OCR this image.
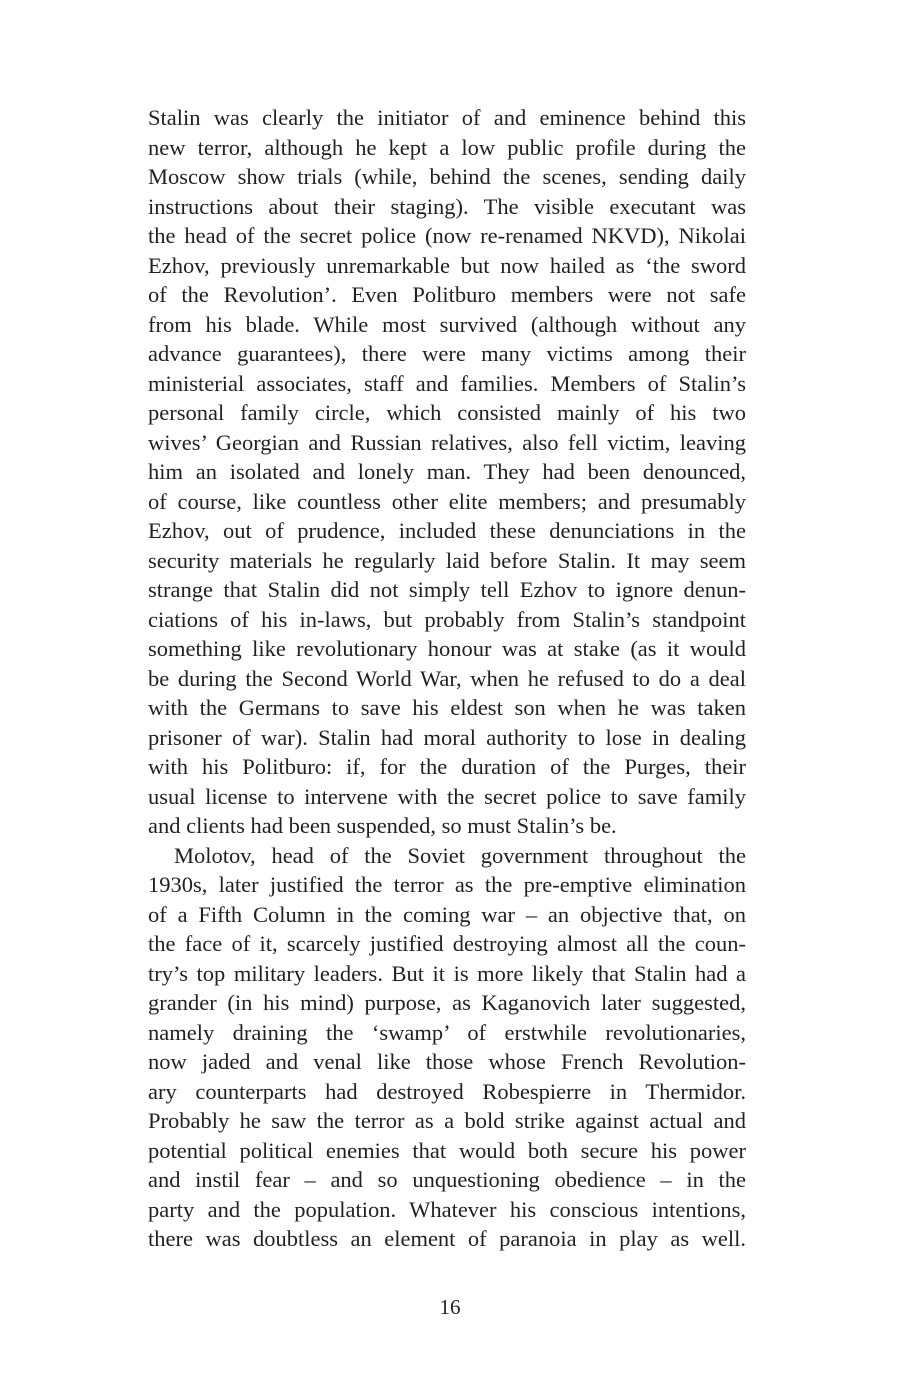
Stalin was clearly the initiator of and eminence behind this
new terror, although he kept a low public profile during the
Moscow show trials (while, behind the scenes, sending daily
instructions about their staging). The visible executant was
the head of the secret police (now re-renamed NKVD), Nikolai
Ezhov, previously unremarkable but now hailed as ‘the sword
of the Revolution’. Even Politburo members were not safe
from his blade. While most survived (although without any
advance guarantees), there were many victims among their
ministerial associates, staff and families. Members of Stalin’s
personal family circle, which consisted mainly of his two
wives’ Georgian and Russian relatives, also fell victim, leaving
him an isolated and lonely man. They had been denounced,
of course, like countless other elite members; and presumably
Ezhov, out of prudence, included these denunciations in the
security materials he regularly laid before Stalin. It may seem
strange that Stalin did not simply tell Ezhov to ignore denun-
ciations of his in-laws, but probably from Stalin’s standpoint
something like revolutionary honour was at stake (as it would
be during the Second World War, when he refused to do a deal
with the Germans to save his eldest son when he was taken
prisoner of war). Stalin had moral authority to lose in dealing
with his Politburo: if, for the duration of the Purges, their
usual license to intervene with the secret police to save family
and clients had been suspended, so must Stalin’s be.
Molotov, head of the Soviet government throughout the
1930s, later justified the terror as the pre-emptive elimination
of a Fifth Column in the coming war – an objective that, on
the face of it, scarcely justified destroying almost all the coun-
try’s top military leaders. But it is more likely that Stalin had a
grander (in his mind) purpose, as Kaganovich later suggested,
namely draining the ‘swamp’ of erstwhile revolutionaries,
now jaded and venal like those whose French Revolution-
ary counterparts had destroyed Robespierre in Thermidor.
Probably he saw the terror as a bold strike against actual and
potential political enemies that would both secure his power
and instil fear – and so unquestioning obedience – in the
party and the population. Whatever his conscious intentions,
there was doubtless an element of paranoia in play as well.
16
